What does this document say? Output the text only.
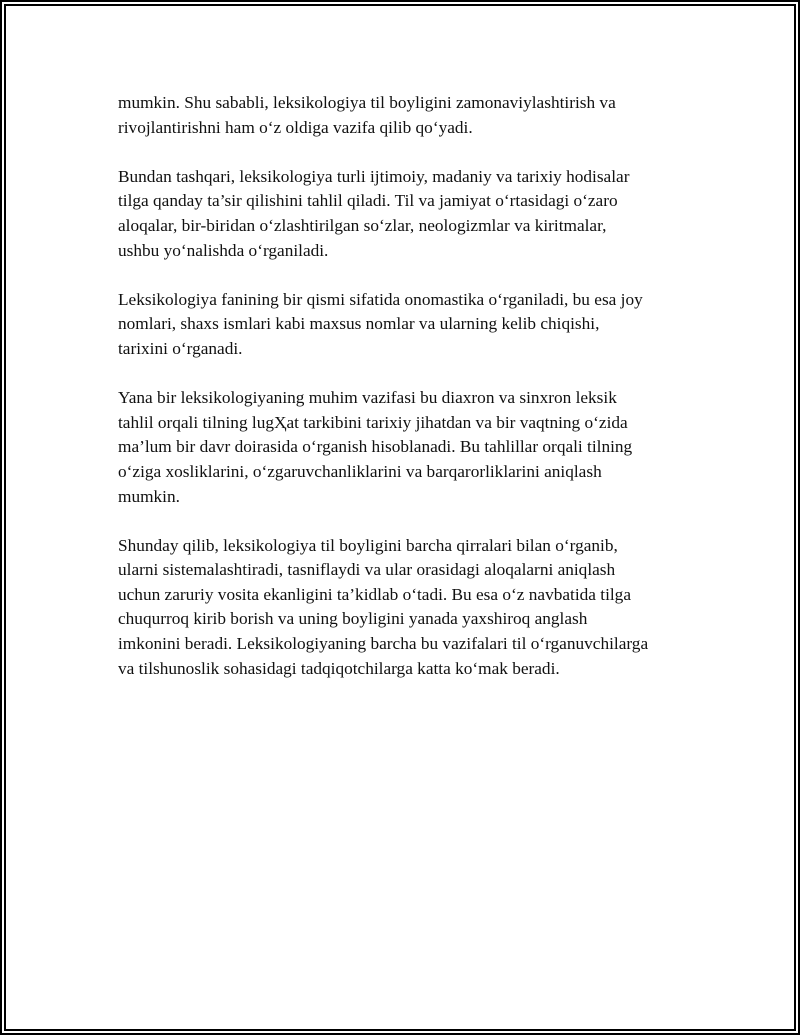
mumkin. Shu sababli, leksikologiya til boyligini zamonaviylashtirish va
rivojlantirishni ham o‘z oldiga vazifa qilib qo‘yadi.

Bundan tashqari, leksikologiya turli ijtimoiy, madaniy va tarixiy hodisalar
tilga qanday ta’sir qilishini tahlil qiladi. Til va jamiyat o‘rtasidagi o‘zaro
aloqalar, bir-biridan o‘zlashtirilgan so‘zlar, neologizmlar va kiritmalar,
ushbu yo‘nalishda o‘rganiladi.

Leksikologiya fanining bir qismi sifatida onomastika o‘rganiladi, bu esa joy
nomlari, shaxs ismlari kabi maxsus nomlar va ularning kelib chiqishi,
tarixini o‘rganadi.

Yana bir leksikologiyaning muhim vazifasi bu diaxron va sinxron leksik
tahlil orqali tilning lugҲat tarkibini tarixiy jihatdan va bir vaqtning o‘zida
ma’lum bir davr doirasida o‘rganish hisoblanadi. Bu tahlillar orqali tilning
o‘ziga xosliklarini, o‘zgaruvchanliklarini va barqarorliklarini aniqlash
mumkin.

Shunday qilib, leksikologiya til boyligini barcha qirralari bilan o‘rganib,
ularni sistemalashtiradi, tasniflaydi va ular orasidagi aloqalarni aniqlash
uchun zaruriy vosita ekanligini ta’kidlab o‘tadi. Bu esa o‘z navbatida tilga
chuqurroq kirib borish va uning boyligini yanada yaxshiroq anglash
imkonini beradi. Leksikologiyaning barcha bu vazifalari til o‘rganuvchilarga
va tilshunoslik sohasidagi tadqiqotchilarga katta ko‘mak beradi.
